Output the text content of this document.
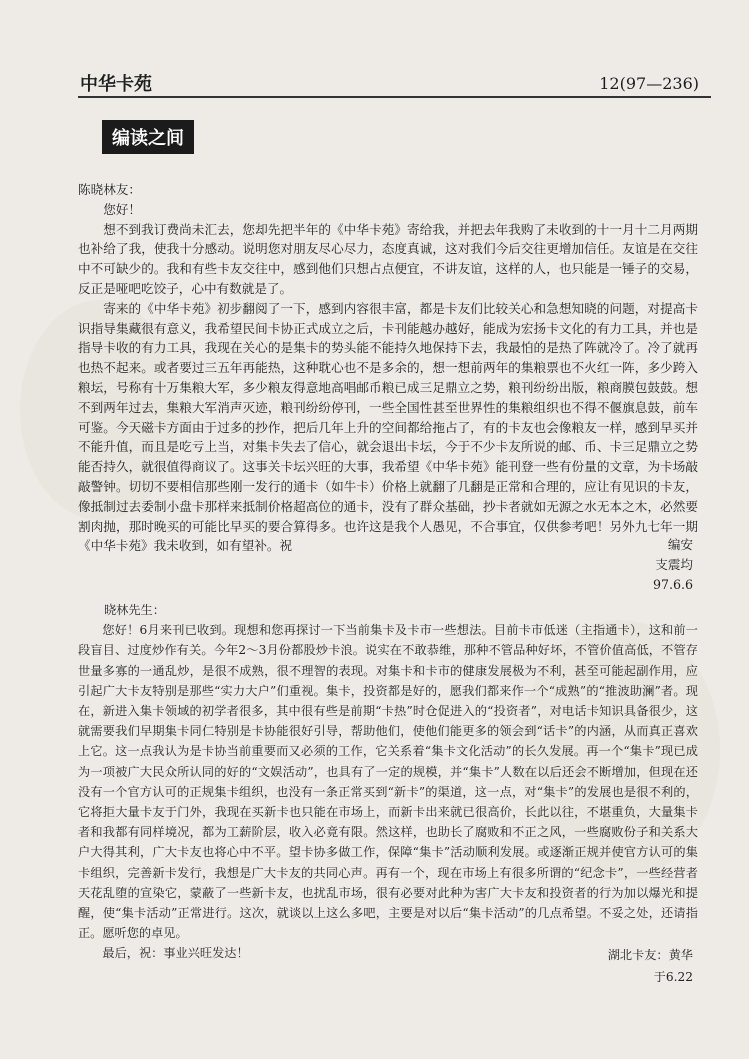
中华卡苑	12(97—236)
编读之间

陈晓林友：

您好！

想不到我订费尚未汇去，您却先把半年的《中华卡苑》寄给我，并把去年我购了未收到的十一月十二月两期也补给了我，使我十分感动。说明您对朋友尽心尽力，态度真诚，这对我们今后交往更增加信任。友谊是在交往中不可缺少的。我和有些卡友交往中，感到他们只想占点便宜，不讲友谊，这样的人，也只能是一锤子的交易，反正是哑吧吃饺子，心中有数就是了。

寄来的《中华卡苑》初步翻阅了一下，感到内容很丰富，都是卡友们比较关心和急想知晓的问题，对提高卡识指导集藏很有意义，我希望民间卡协正式成立之后，卡刊能越办越好，能成为宏扬卡文化的有力工具，并也是指导卡收的有力工具，我现在关心的是集卡的势头能不能持久地保持下去，我最怕的是热了阵就冷了。冷了就再也热不起来。或者要过三五年再能热，这种耽心也不是多余的，想一想前两年的集粮票也不火红一阵，多少跨入粮坛，号称有十万集粮大军，多少粮友得意地高唱邮币粮已成三足鼎立之势，粮刊纷纷出版，粮商膜包鼓鼓。想不到两年过去，集粮大军消声灭迹，粮刊纷纷停刊，一些全国性甚至世界性的集粮组织也不得不偃旗息鼓，前车可鉴。今天磁卡方面由于过多的抄作，把后几年上升的空间都给拖占了，有的卡友也会像粮友一样，感到早买并不能升值，而且是吃亏上当，对集卡失去了信心，就会退出卡坛，今于不少卡友所说的邮、币、卡三足鼎立之势能否持久，就很值得商议了。这事关卡坛兴旺的大事，我希望《中华卡苑》能刊登一些有份量的文章，为卡场敲敲警钟。切切不要相信那些刚一发行的通卡（如牛卡）价格上就翻了几翻是正常和合理的，应让有见识的卡友，像抵制过去委制小盘卡那样来抵制价格超高位的通卡，没有了群众基础，抄卡者就如无源之水无本之木，必然要割肉抛，那时晚买的可能比早买的要合算得多。也许这是我个人愚见，不合事宜，仅供参考吧！另外九七年一期《中华卡苑》我未收到，如有望补。祝	编安
支震均
97.6.6

晓林先生：

您好！6月来刊已收到。现想和您再探讨一下当前集卡及卡市一些想法。目前卡市低迷（主指通卡），这和前一段盲目、过度炒作有关。今年2～3月份都股炒卡浪。说实在不敢恭维，那种不管品种好坏，不管价值高低，不管存世量多寡的一通乱炒，是很不成熟，很不理智的表现。对集卡和卡市的健康发展极为不利，甚至可能起副作用，应引起广大卡友特别是那些“实力大户”们重视。集卡，投资都是好的，愿我们都来作一个“成熟”的“推波助澜”者。现在，新进入集卡领域的初学者很多，其中很有些是前期“卡热”时仓促进入的“投资者”，对电话卡知识具备很少，这就需要我们早期集卡同仁特别是卡协能很好引导，帮助他们，使他们能更多的领会到“话卡”的内涵，从而真正喜欢上它。这一点我认为是卡协当前重要而又必须的工作，它关系着“集卡文化活动”的长久发展。再一个“集卡”现已成为一项被广大民众所认同的好的“文娱活动”，也具有了一定的规模，并“集卡”人数在以后还会不断增加，但现在还没有一个官方认可的正规集卡组织，也没有一条正常买到“新卡”的渠道，这一点，对“集卡”的发展也是很不利的，它将拒大量卡友于门外，我现在买新卡也只能在市场上，而新卡出来就已很高价，长此以往，不堪重负，大量集卡者和我都有同样境况，都为工薪阶层，收入必竟有限。然这样，也助长了腐败和不正之风，一些腐败份子和关系大户大得其利，广大卡友也将心中不平。望卡协多做工作，保障“集卡”活动顺利发展。或逐渐正规并使官方认可的集卡组织，完善新卡发行，我想是广大卡友的共同心声。再有一个，现在市场上有很多所谓的“纪念卡”，一些经营者天花乱堕的宣染它，蒙蔽了一些新卡友，也扰乱市场，很有必要对此种为害广大卡友和投资者的行为加以爆光和提醒，使“集卡活动”正常进行。这次，就谈以上这么多吧，主要是对以后“集卡活动”的几点希望。不妥之处，还请指正。愿听您的卓见。

最后，祝：事业兴旺发达！	湖北卡友：黄华
于6.22
